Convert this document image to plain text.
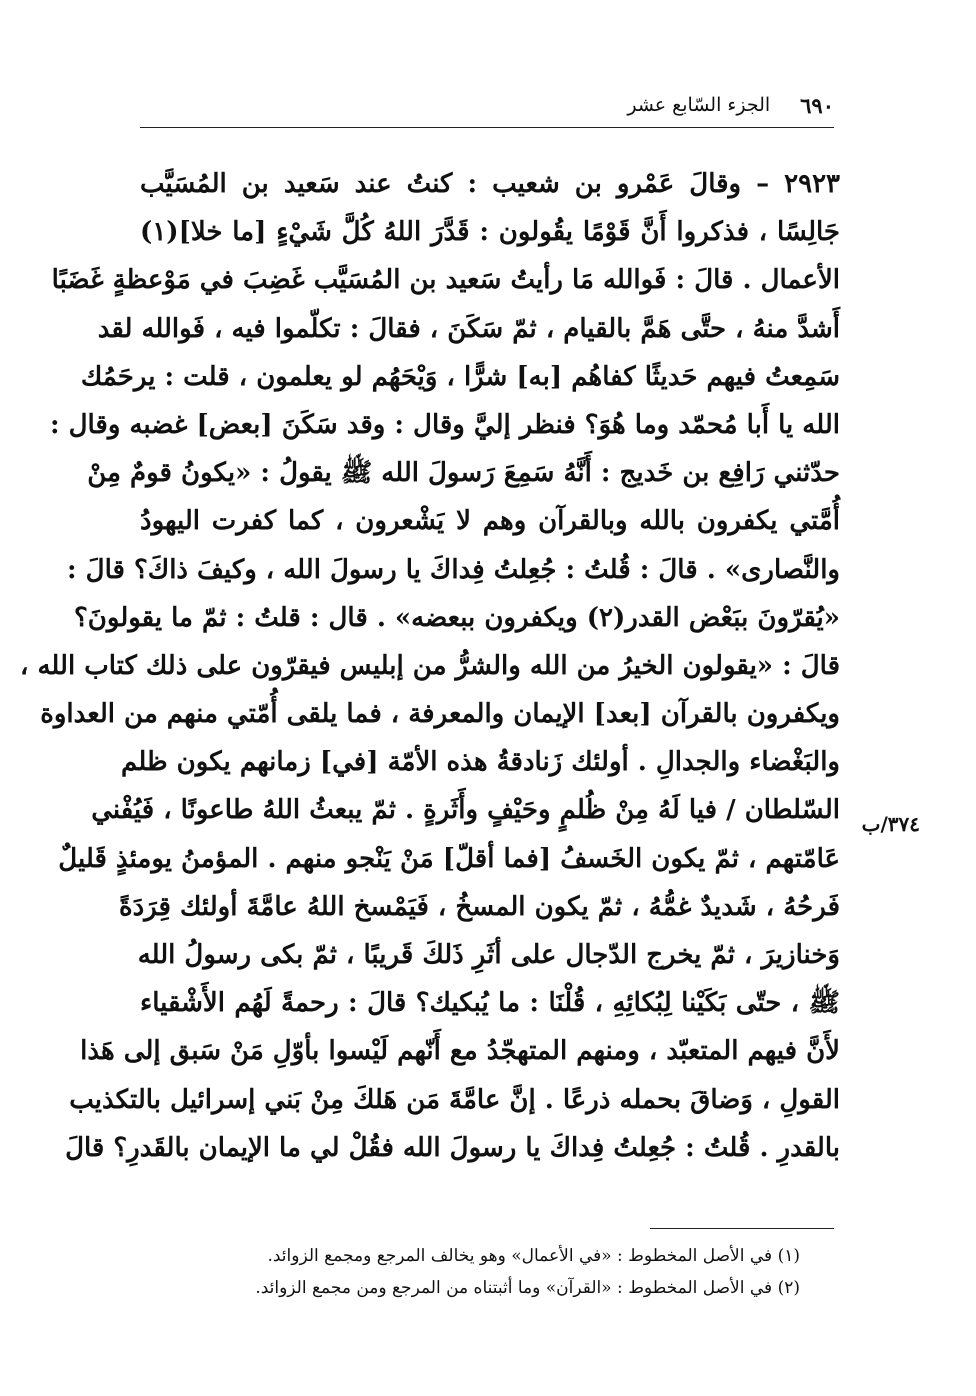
٦٩٠
الجزء السّابع عشر
٢٩٢٣ – وقالَ عَمْرو بن شعيب : كنتُ عند سَعيد بن المُسَيَّب
جَالِسًا ، فذكروا أَنَّ قَوْمًا يقُولون : قَدَّرَ اللهُ كُلَّ شَيْءٍ [ما خلا](١)
الأعمال . قالَ : فَوالله مَا رأيتُ سَعيد بن المُسَيَّب غَضِبَ في مَوْعظةٍ غَضَبًا
أَشدَّ منهُ ، حتَّى هَمَّ بالقيام ، ثمّ سَكَنَ ، فقالَ : تكلّموا فيه ، فَوالله لقد
سَمِعتُ فيهم حَديثًا كفاهُم [به] شرًّا ، وَيْحَهُم لو يعلمون ، قلت : يرحَمُك
الله يا أَبا مُحمّد وما هُوَ؟ فنظر إليَّ وقال : وقد سَكَنَ [بعض] غضبه وقال :
حدّثني رَافِع بن خَديج : أَنَّهُ سَمِعَ رَسولَ الله ﷺ يقولُ : «يكونُ قومٌ مِنْ
أُمَّتي يكفرون بالله وبالقرآن وهم لا يَشْعرون ، كما كفرت اليهودُ
والنَّصارى» . قالَ : قُلتُ : جُعِلتُ فِداكَ يا رسولَ الله ، وكيفَ ذاكَ؟ قالَ :
«يُقرّونَ ببَعْض القدر(٢) ويكفرون ببعضه» . قال : قلتُ : ثمّ ما يقولونَ؟
قالَ : «يقولون الخيرُ من الله والشرُّ من إبليس فيقرّون على ذلك كتاب الله ،
ويكفرون بالقرآن [بعد] الإيمان والمعرفة ، فما يلقى أُمّتي منهم من العداوة
والبَغْضاء والجدالِ . أولئك زَنادقةُ هذه الأمّة [في] زمانهم يكون ظلم
السّلطان / فيا لَهُ مِنْ ظُلمٍ وحَيْفٍ وأَثَرةٍ . ثمّ يبعثُ اللهُ طاعونًا ، فَيُفْني
عَامّتهم ، ثمّ يكون الخَسفُ [فما أقلّ] مَنْ يَنْجو منهم . المؤمنُ يومئذٍ قَليلٌ
فَرحُهُ ، شَديدٌ غمُّهُ ، ثمّ يكون المسخُ ، فَيَمْسخ اللهُ عامَّةَ أولئك قِرَدَةً
وَخنازيرَ ، ثمّ يخرج الدّجال على أثَرِ ذَلكَ قَريبًا ، ثمّ بكى رسولُ الله
ﷺ ، حتّى بَكَيْنا لِبُكائِهِ ، قُلْنَا : ما يُبكيك؟ قالَ : رحمةً لَهُم الأَشْقياء
لأَنَّ فيهم المتعبّد ، ومنهم المتهجّدُ مع أَنّهم لَيْسوا بأوّلِ مَنْ سَبق إلى هَذا
القولِ ، وَضاقَ بحمله ذرعًا . إنَّ عامَّةَ مَن هَلكَ مِنْ بَني إسرائيل بالتكذيب
بالقدرِ . قُلتُ : جُعِلتُ فِداكَ يا رسولَ الله فقُلْ لي ما الإيمان بالقَدرِ؟ قالَ
٣٧٤/ب
(١) في الأصل المخطوط : «في الأعمال» وهو يخالف المرجع ومجمع الزوائد.
(٢) في الأصل المخطوط : «القرآن» وما أثبتناه من المرجع ومن مجمع الزوائد.
